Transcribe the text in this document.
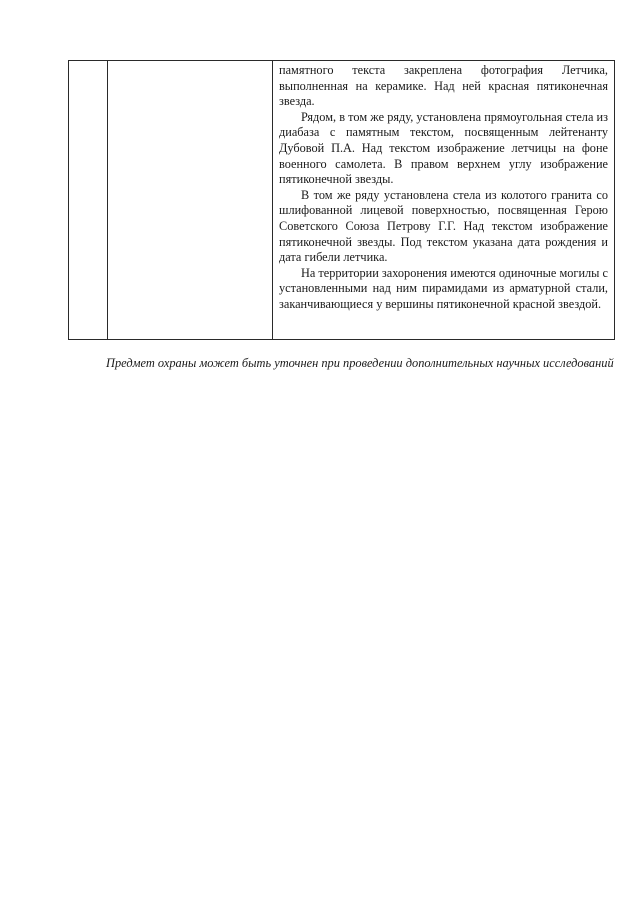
памятного текста закреплена фотография Летчика, выполненная на керамике. Над ней красная пятиконечная звезда.

Рядом, в том же ряду, установлена прямоугольная стела из диабаза с памятным текстом, посвященным лейтенанту Дубовой П.А. Над текстом изображение летчицы на фоне военного самолета. В правом верхнем углу изображение пятиконечной звезды.

В том же ряду установлена стела из колотого гранита со шлифованной лицевой поверхностью, посвященная Герою Советского Союза Петрову Г.Г. Над текстом изображение пятиконечной звезды. Под текстом указана дата рождения и дата гибели летчика.

На территории захоронения имеются одиночные могилы с установленными над ним пирамидами из арматурной стали, заканчивающиеся у вершины пятиконечной красной звездой.

Предмет охраны может быть уточнен при проведении дополнительных научных исследований
